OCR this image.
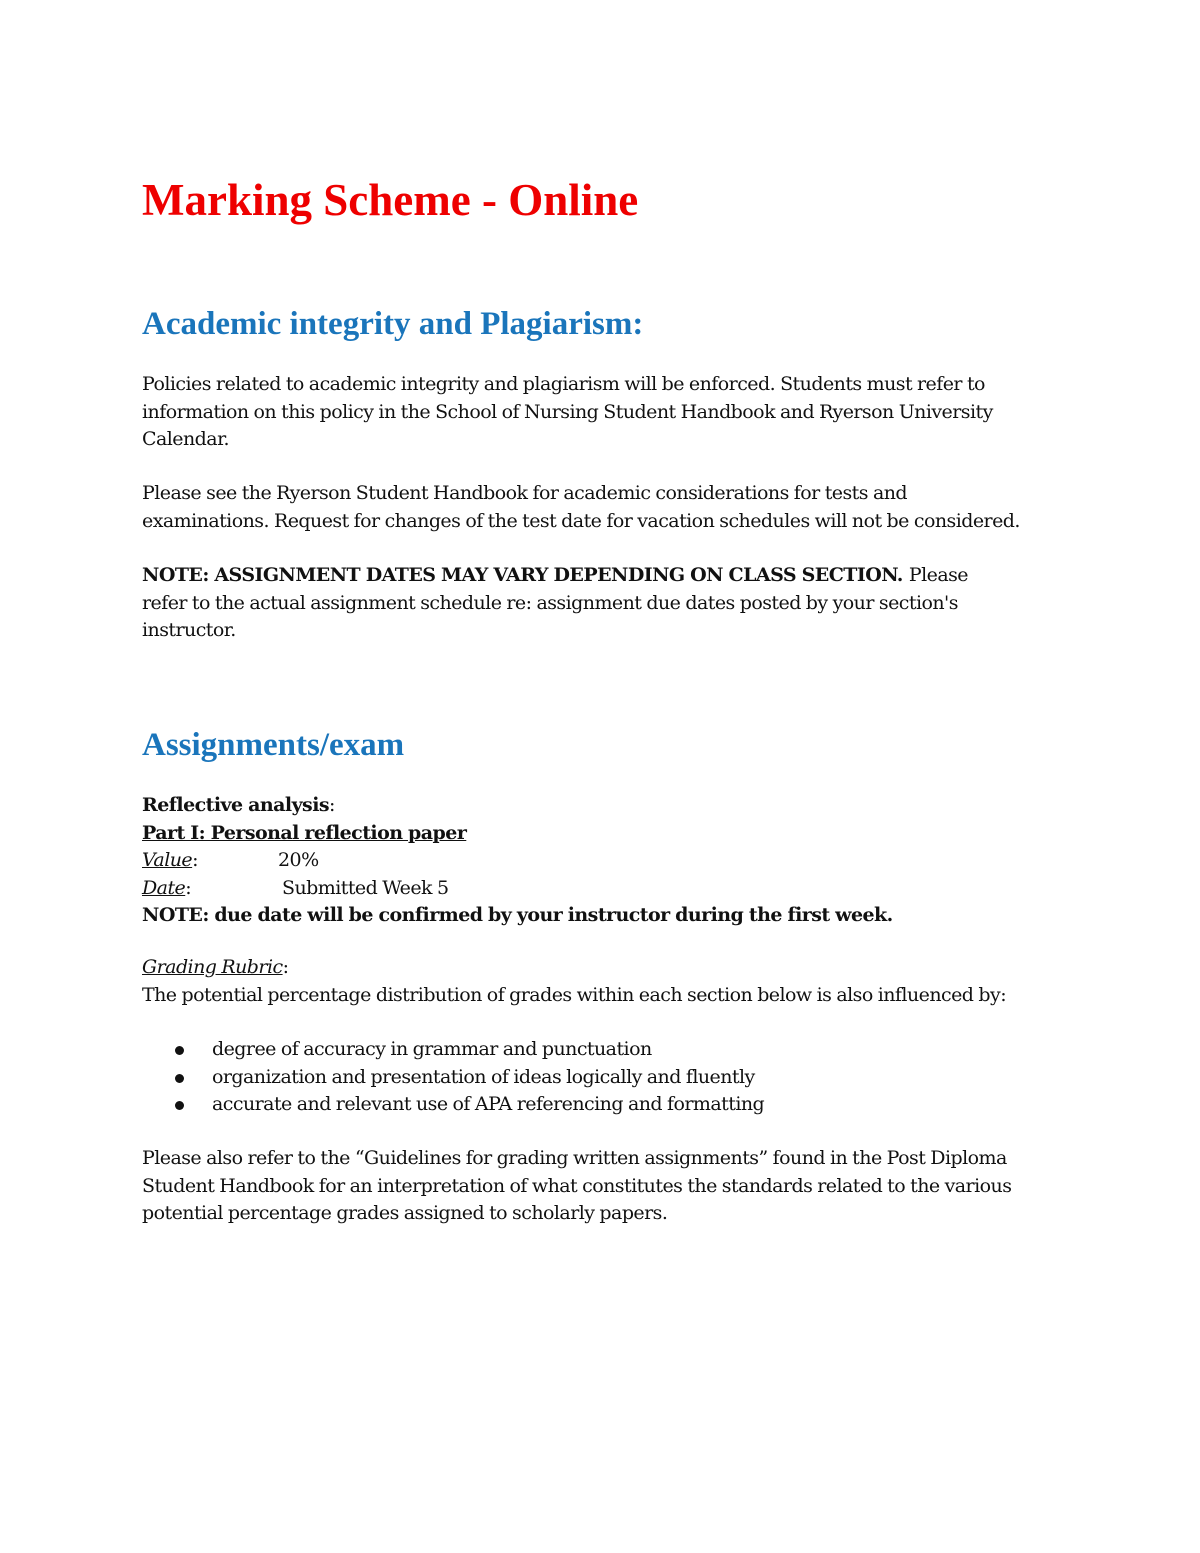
Marking Scheme - Online
Academic integrity and Plagiarism:
Policies related to academic integrity and plagiarism will be enforced. Students must refer to
information on this policy in the School of Nursing Student Handbook and Ryerson University
Calendar.
Please see the Ryerson Student Handbook for academic considerations for tests and
examinations. Request for changes of the test date for vacation schedules will not be considered.
NOTE: ASSIGNMENT DATES MAY VARY DEPENDING ON CLASS SECTION. Please
refer to the actual assignment schedule re: assignment due dates posted by your section's
instructor.
Assignments/exam
Reflective analysis:
Part I: Personal reflection paper
Value:	20%
Date:	Submitted Week 5
NOTE: due date will be confirmed by your instructor during the first week.
Grading Rubric:
The potential percentage distribution of grades within each section below is also influenced by:
degree of accuracy in grammar and punctuation
organization and presentation of ideas logically and fluently
accurate and relevant use of APA referencing and formatting
Please also refer to the “Guidelines for grading written assignments” found in the Post Diploma
Student Handbook for an interpretation of what constitutes the standards related to the various
potential percentage grades assigned to scholarly papers.
